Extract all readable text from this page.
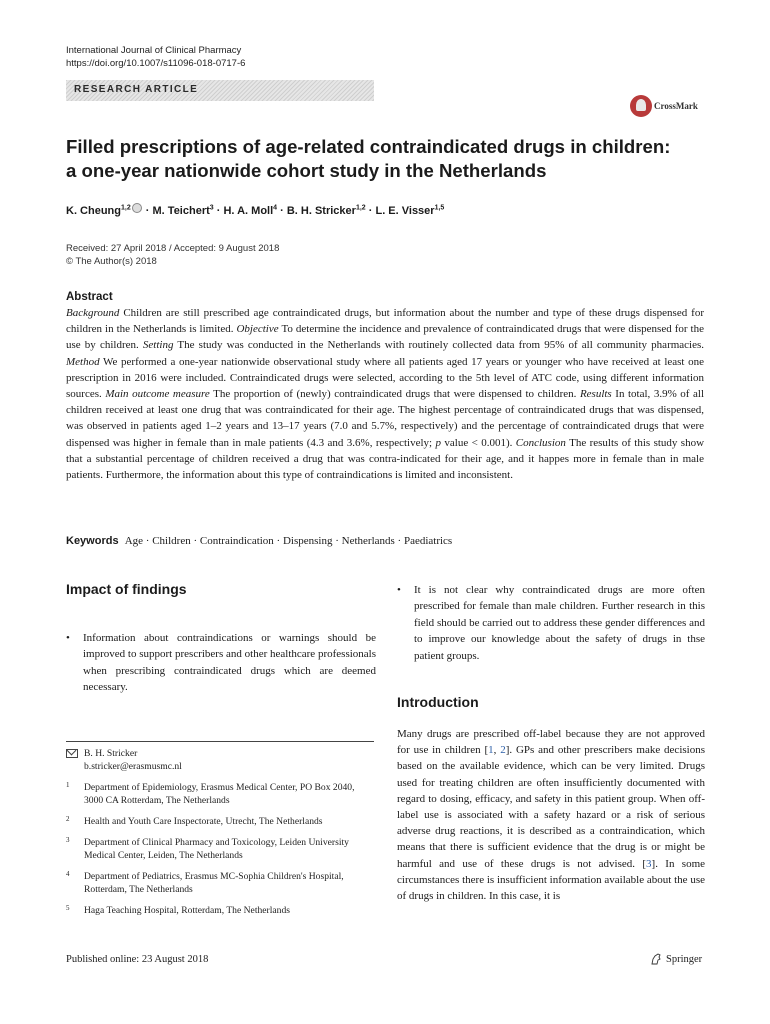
International Journal of Clinical Pharmacy
https://doi.org/10.1007/s11096-018-0717-6
RESEARCH ARTICLE
CrossMark
Filled prescriptions of age-related contraindicated drugs in children:
a one-year nationwide cohort study in the Netherlands
K. Cheung$^{1,2}$ · M. Teichert$^3$ · H. A. Moll$^4$ · B. H. Stricker$^{1,2}$ · L. E. Visser$^{1,5}$
Received: 27 April 2018 / Accepted: 9 August 2018
© The Author(s) 2018
Abstract
Background Children are still prescribed age contraindicated drugs, but information about the number and type of these drugs dispensed for children in the Netherlands is limited. Objective To determine the incidence and prevalence of contraindicated drugs that were dispensed for the use by children. Setting The study was conducted in the Netherlands with routinely collected data from 95% of all community pharmacies. Method We performed a one-year nationwide observational study where all patients aged 17 years or younger who have received at least one prescription in 2016 were included. Contraindicated drugs were selected, according to the 5th level of ATC code, using different information sources. Main outcome measure The proportion of (newly) contraindicated drugs that were dispensed to children. Results In total, 3.9% of all children received at least one drug that was contraindicated for their age. The highest percentage of contraindicated drugs that was dispensed, was observed in patients aged 1–2 years and 13–17 years (7.0 and 5.7%, respectively) and the percentage of contraindicated drugs that were dispensed was higher in female than in male patients (4.3 and 3.6%, respectively; p value < 0.001). Conclusion The results of this study show that a substantial percentage of children received a drug that was contra-indicated for their age, and it happes more in female than in male patients. Furthermore, the information about this type of contraindications is limited and inconsistent.
Keywords Age · Children · Contraindication · Dispensing · Netherlands · Paediatrics
Impact of findings
•	Information about contraindications or warnings should be improved to support prescribers and other healthcare professionals when prescribing contraindicated drugs which are deemed necessary.
B. H. Stricker
b.stricker@erasmusmc.nl
1 Department of Epidemiology, Erasmus Medical Center, PO Box 2040, 3000 CA Rotterdam, The Netherlands
2 Health and Youth Care Inspectorate, Utrecht, The Netherlands
3 Department of Clinical Pharmacy and Toxicology, Leiden University Medical Center, Leiden, The Netherlands
4 Department of Pediatrics, Erasmus MC-Sophia Children's Hospital, Rotterdam, The Netherlands
5 Haga Teaching Hospital, Rotterdam, The Netherlands
•	It is not clear why contraindicated drugs are more often prescribed for female than male children. Further research in this field should be carried out to address these gender differences and to improve our knowledge about the safety of drugs in thse patient groups.
Introduction
Many drugs are prescribed off-label because they are not approved for use in children [1, 2]. GPs and other prescribers make decisions based on the available evidence, which can be very limited. Drugs used for treating children are often insufficiently documented with regard to dosing, efficacy, and safety in this patient group. When off-label use is associated with a safety hazard or a risk of serious adverse drug reactions, it is described as a contraindication, which means that there is sufficient evidence that the drug is or might be harmful and use of these drugs is not advised. [3]. In some circumstances there is insufficient information available about the use of drugs in children. In this case, it is
Published online: 23 August 2018	Springer
